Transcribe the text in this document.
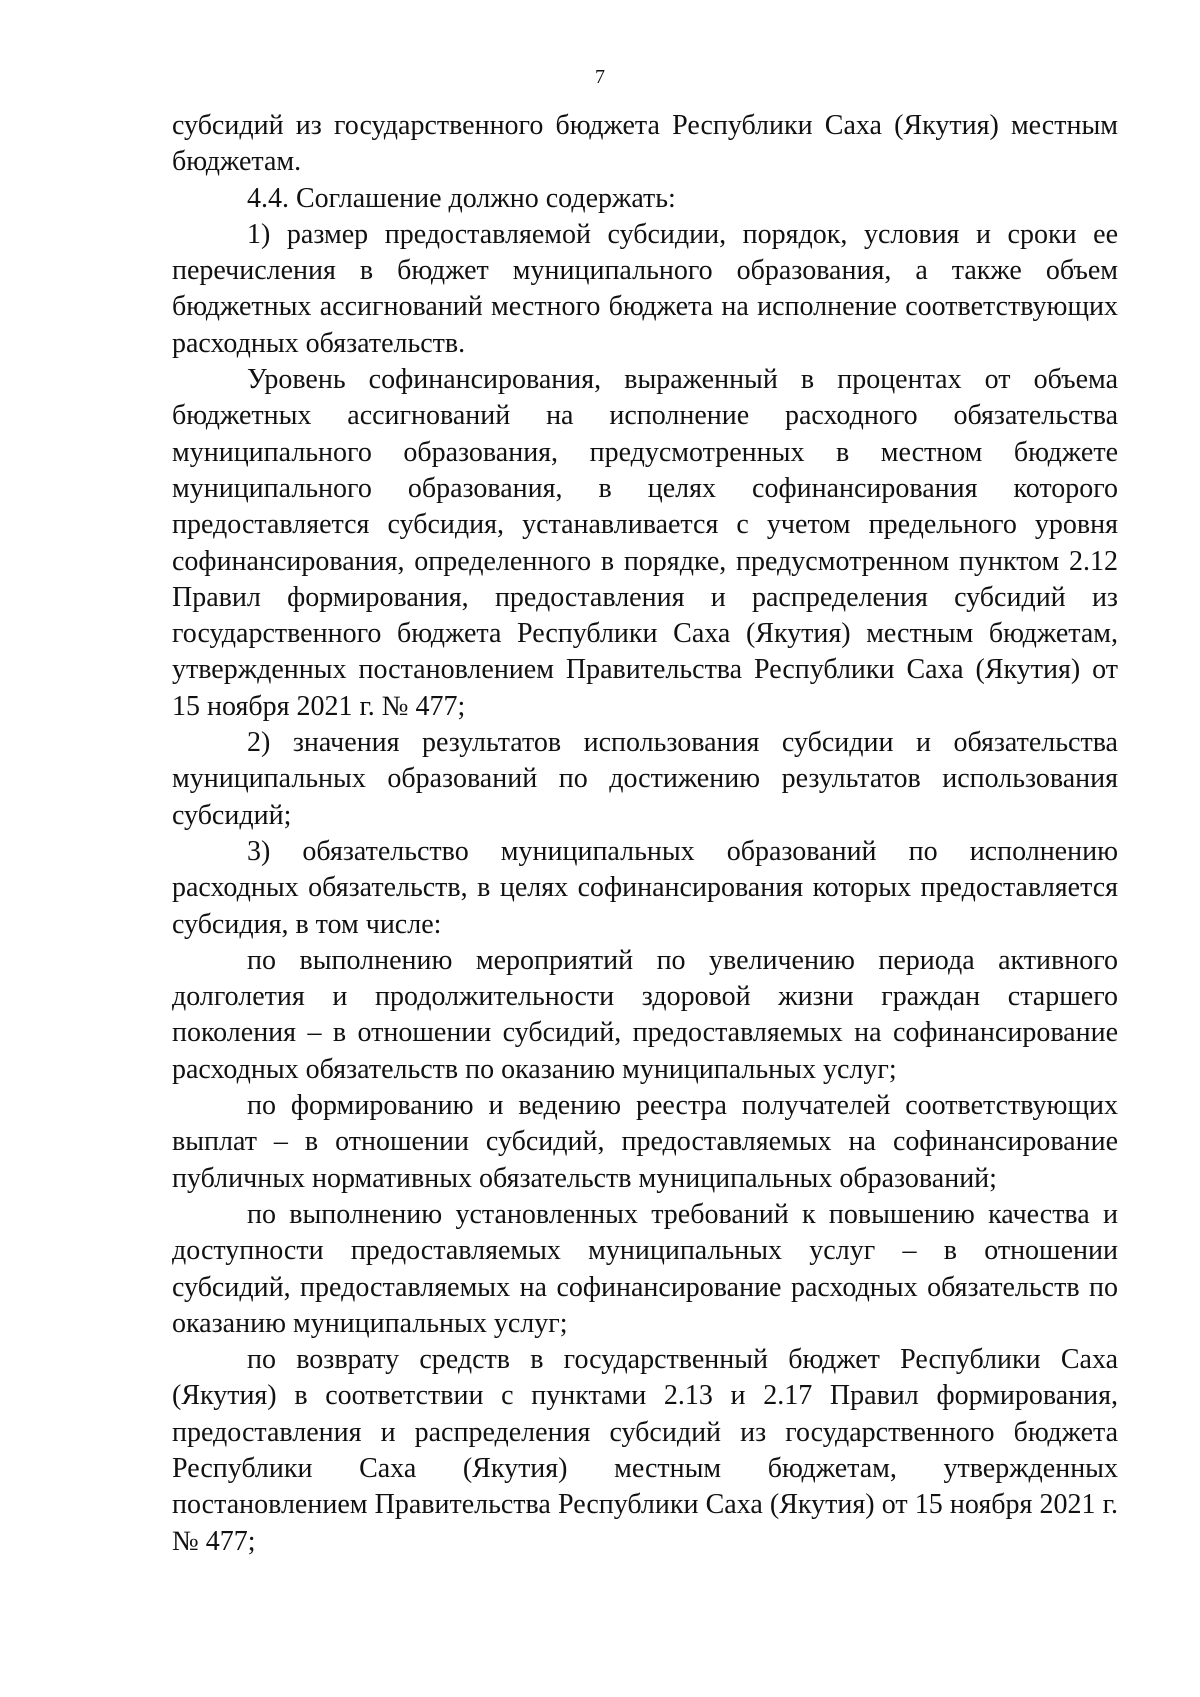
7

субсидий из государственного бюджета Республики Саха (Якутия) местным бюджетам.

4.4. Соглашение должно содержать:

1) размер предоставляемой субсидии, порядок, условия и сроки ее перечисления в бюджет муниципального образования, а также объем бюджетных ассигнований местного бюджета на исполнение соответствующих расходных обязательств.

Уровень софинансирования, выраженный в процентах от объема бюджетных ассигнований на исполнение расходного обязательства муниципального образования, предусмотренных в местном бюджете муниципального образования, в целях софинансирования которого предоставляется субсидия, устанавливается с учетом предельного уровня софинансирования, определенного в порядке, предусмотренном пунктом 2.12 Правил формирования, предоставления и распределения субсидий из государственного бюджета Республики Саха (Якутия) местным бюджетам, утвержденных постановлением Правительства Республики Саха (Якутия) от 15 ноября 2021 г. № 477;

2) значения результатов использования субсидии и обязательства муниципальных образований по достижению результатов использования субсидий;

3) обязательство муниципальных образований по исполнению расходных обязательств, в целях софинансирования которых предоставляется субсидия, в том числе:

по выполнению мероприятий по увеличению периода активного долголетия и продолжительности здоровой жизни граждан старшего поколения – в отношении субсидий, предоставляемых на софинансирование расходных обязательств по оказанию муниципальных услуг;

по формированию и ведению реестра получателей соответствующих выплат – в отношении субсидий, предоставляемых на софинансирование публичных нормативных обязательств муниципальных образований;

по выполнению установленных требований к повышению качества и доступности предоставляемых муниципальных услуг – в отношении субсидий, предоставляемых на софинансирование расходных обязательств по оказанию муниципальных услуг;

по возврату средств в государственный бюджет Республики Саха (Якутия) в соответствии с пунктами 2.13 и 2.17 Правил формирования, предоставления и распределения субсидий из государственного бюджета Республики Саха (Якутия) местным бюджетам, утвержденных постановлением Правительства Республики Саха (Якутия) от 15 ноября 2021 г. № 477;
